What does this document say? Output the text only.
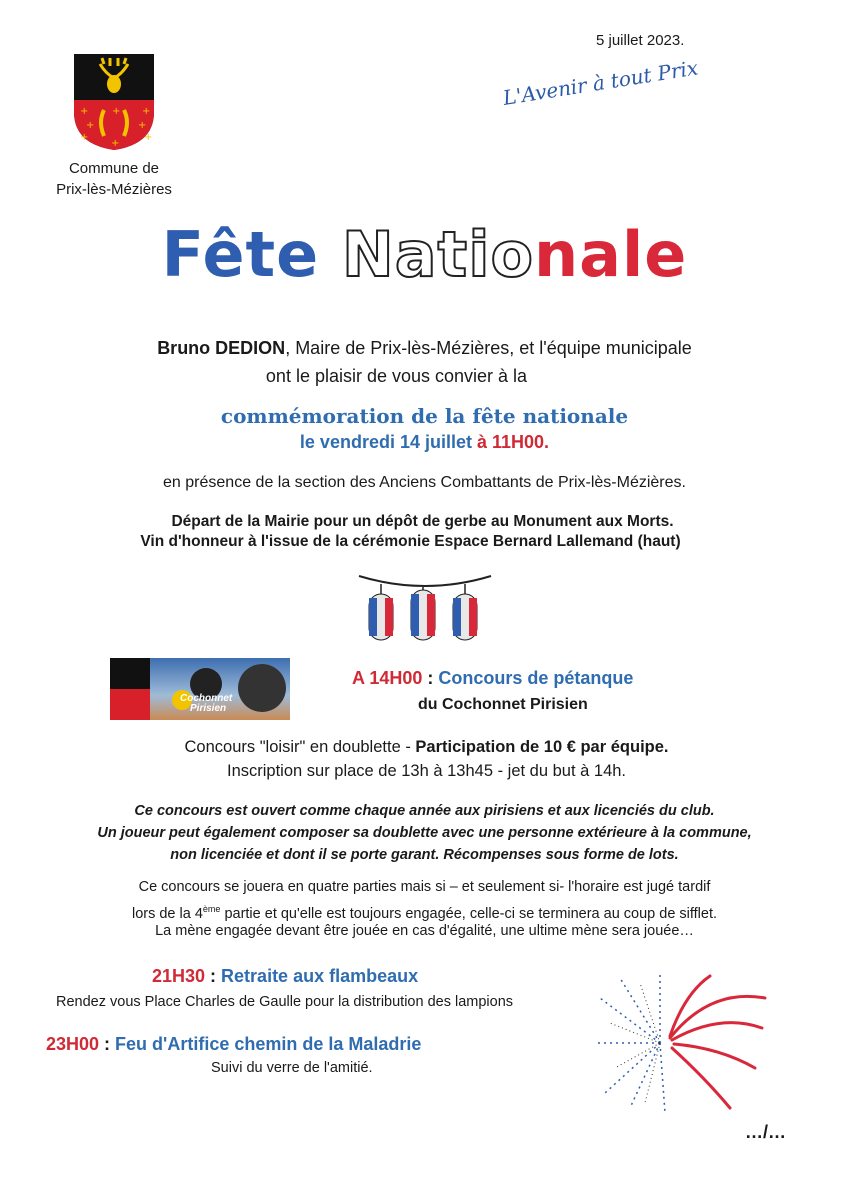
5 juillet 2023.
+ + +
+	+
+	+
+
Commune de
Prix-lès-Mézières
L'Avenir à tout Prix
Fête Nationale
Bruno DEDION, Maire de Prix-lès-Mézières, et l'équipe municipale
ont le plaisir de vous convier à la
commémoration de la fête nationale
le vendredi 14 juillet à 11H00.
en présence de la section des Anciens Combattants de Prix-lès-Mézières.
Départ de la Mairie pour un dépôt de gerbe au Monument aux Morts.
Vin d'honneur à l'issue de la cérémonie Espace Bernard Lallemand (haut)
Cochonnet
Pirisien
A 14H00 : Concours de pétanque
du Cochonnet Pirisien
Concours "loisir" en doublette - Participation de 10 € par équipe.
Inscription sur place de 13h à 13h45 - jet du but à 14h.
Ce concours est ouvert comme chaque année aux pirisiens et aux licenciés du club.
Un joueur peut également composer sa doublette avec une personne extérieure à la commune,
non licenciée et dont il se porte garant. Récompenses sous forme de lots.
Ce concours se jouera en quatre parties mais si – et seulement si- l'horaire est jugé tardif
lors de la 4ème partie et qu'elle est toujours engagée, celle-ci se terminera au coup de sifflet.
La mène engagée devant être jouée en cas d'égalité, une ultime mène sera jouée…
21H30 : Retraite aux flambeaux
Rendez vous Place Charles de Gaulle pour la distribution des lampions
23H00 : Feu d'Artifice chemin de la Maladrie
Suivi du verre de l'amitié.
…/…
